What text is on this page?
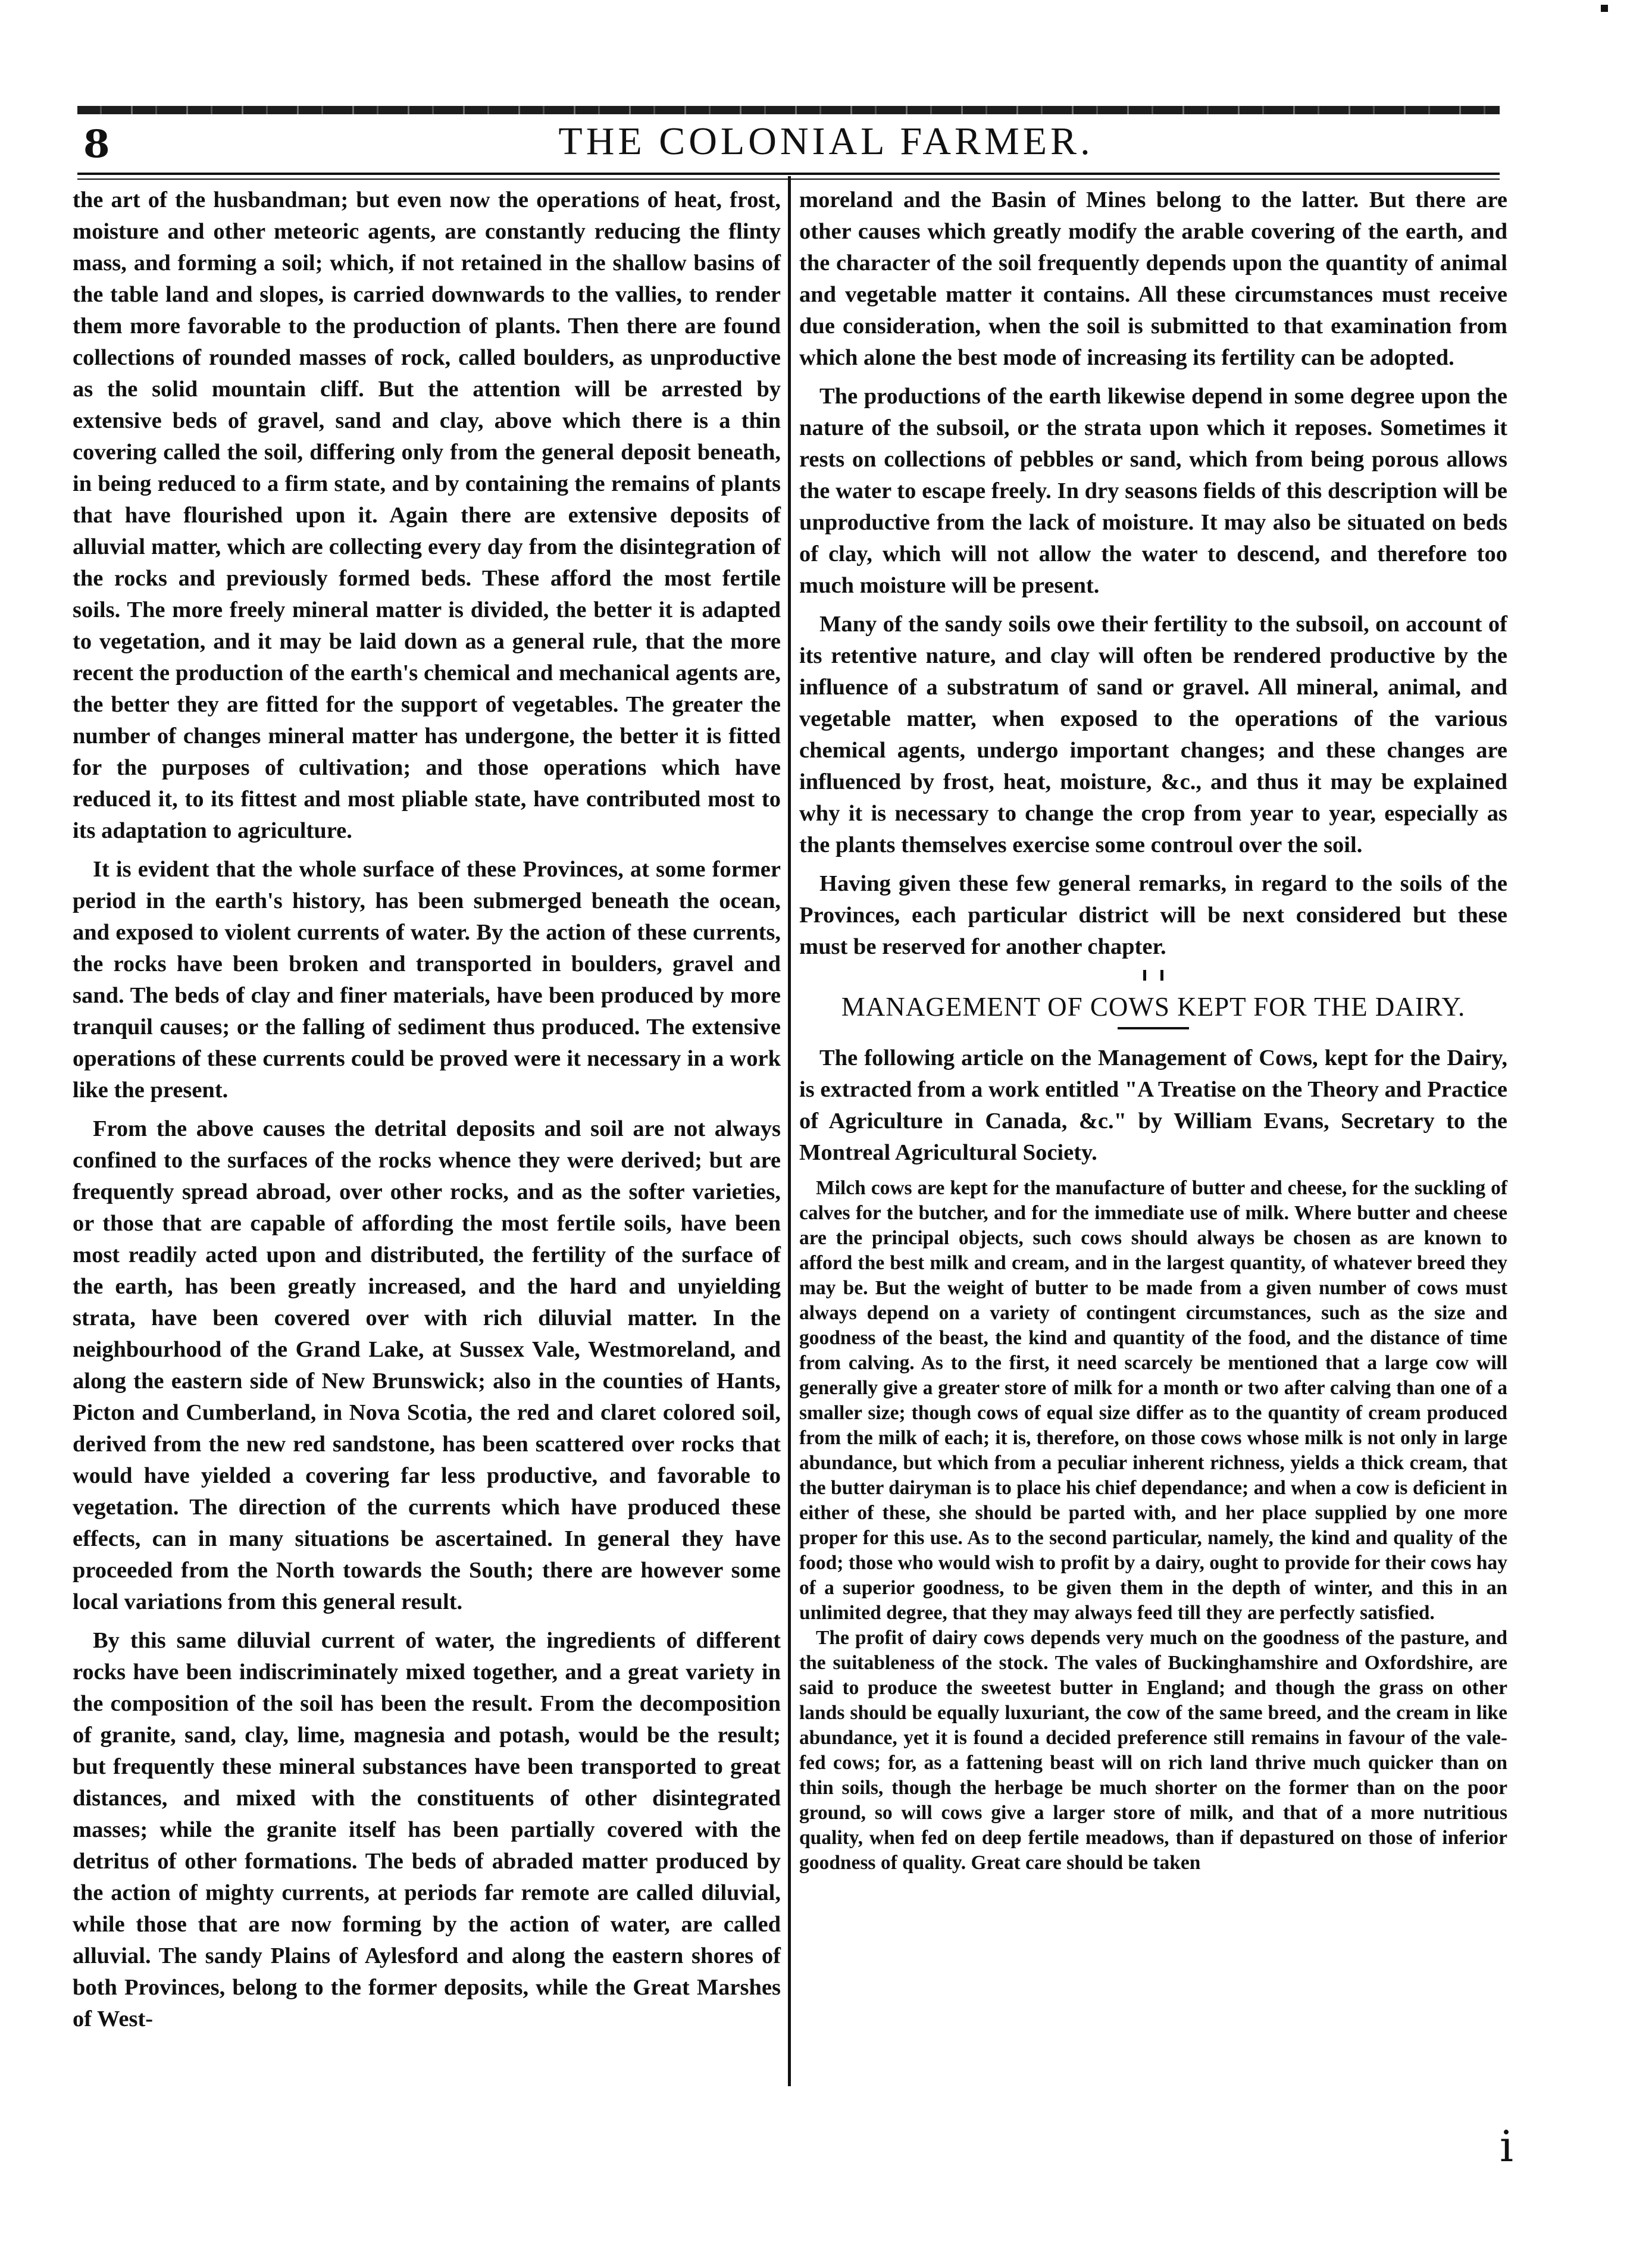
8	THE COLONIAL FARMER.

the art of the husbandman; but even now the operations of heat, frost, moisture and other meteoric agents, are constantly reducing the flinty mass, and forming a soil; which, if not retained in the shallow basins of the table land and slopes, is carried downwards to the vallies, to render them more favorable to the production of plants. Then there are found collections of rounded masses of rock, called boulders, as unproductive as the solid mountain cliff. But the attention will be arrested by extensive beds of gravel, sand and clay, above which there is a thin covering called the soil, differing only from the general deposit beneath, in being reduced to a firm state, and by containing the remains of plants that have flourished upon it. Again there are extensive deposits of alluvial matter, which are collecting every day from the disintegration of the rocks and previously formed beds. These afford the most fertile soils. The more freely mineral matter is divided, the better it is adapted to vegetation, and it may be laid down as a general rule, that the more recent the production of the earth's chemical and mechanical agents are, the better they are fitted for the support of vegetables. The greater the number of changes mineral matter has undergone, the better it is fitted for the purposes of cultivation; and those operations which have reduced it, to its fittest and most pliable state, have contributed most to its adaptation to agriculture.

It is evident that the whole surface of these Provinces, at some former period in the earth's history, has been submerged beneath the ocean, and exposed to violent currents of water. By the action of these currents, the rocks have been broken and transported in boulders, gravel and sand. The beds of clay and finer materials, have been produced by more tranquil causes; or the falling of sediment thus produced. The extensive operations of these currents could be proved were it necessary in a work like the present.

From the above causes the detrital deposits and soil are not always confined to the surfaces of the rocks whence they were derived; but are frequently spread abroad, over other rocks, and as the softer varieties, or those that are capable of affording the most fertile soils, have been most readily acted upon and distributed, the fertility of the surface of the earth, has been greatly increased, and the hard and unyielding strata, have been covered over with rich diluvial matter. In the neighbourhood of the Grand Lake, at Sussex Vale, Westmoreland, and along the eastern side of New Brunswick; also in the counties of Hants, Picton and Cumberland, in Nova Scotia, the red and claret colored soil, derived from the new red sandstone, has been scattered over rocks that would have yielded a covering far less productive, and favorable to vegetation. The direction of the currents which have produced these effects, can in many situations be ascertained. In general they have proceeded from the North towards the South; there are however some local variations from this general result.

By this same diluvial current of water, the ingredients of different rocks have been indiscriminately mixed together, and a great variety in the composition of the soil has been the result. From the decomposition of granite, sand, clay, lime, magnesia and potash, would be the result; but frequently these mineral substances have been transported to great distances, and mixed with the constituents of other disintegrated masses; while the granite itself has been partially covered with the detritus of other formations. The beds of abraded matter produced by the action of mighty currents, at periods far remote are called diluvial, while those that are now forming by the action of water, are called alluvial. The sandy Plains of Aylesford and along the eastern shores of both Provinces, belong to the former deposits, while the Great Marshes of West-

moreland and the Basin of Mines belong to the latter. But there are other causes which greatly modify the arable covering of the earth, and the character of the soil frequently depends upon the quantity of animal and vegetable matter it contains. All these circumstances must receive due consideration, when the soil is submitted to that examination from which alone the best mode of increasing its fertility can be adopted.

The productions of the earth likewise depend in some degree upon the nature of the subsoil, or the strata upon which it reposes. Sometimes it rests on collections of pebbles or sand, which from being porous allows the water to escape freely. In dry seasons fields of this description will be unproductive from the lack of moisture. It may also be situated on beds of clay, which will not allow the water to descend, and therefore too much moisture will be present.

Many of the sandy soils owe their fertility to the subsoil, on account of its retentive nature, and clay will often be rendered productive by the influence of a substratum of sand or gravel. All mineral, animal, and vegetable matter, when exposed to the operations of the various chemical agents, undergo important changes; and these changes are influenced by frost, heat, moisture, &c., and thus it may be explained why it is necessary to change the crop from year to year, especially as the plants themselves exercise some controul over the soil.

Having given these few general remarks, in regard to the soils of the Provinces, each particular district will be next considered but these must be reserved for another chapter.

MANAGEMENT OF COWS KEPT FOR THE DAIRY.

The following article on the Management of Cows, kept for the Dairy, is extracted from a work entitled "A Treatise on the Theory and Practice of Agriculture in Canada, &c." by William Evans, Secretary to the Montreal Agricultural Society.

Milch cows are kept for the manufacture of butter and cheese, for the suckling of calves for the butcher, and for the immediate use of milk. Where butter and cheese are the principal objects, such cows should always be chosen as are known to afford the best milk and cream, and in the largest quantity, of whatever breed they may be. But the weight of butter to be made from a given number of cows must always depend on a variety of contingent circumstances, such as the size and goodness of the beast, the kind and quantity of the food, and the distance of time from calving. As to the first, it need scarcely be mentioned that a large cow will generally give a greater store of milk for a month or two after calving than one of a smaller size; though cows of equal size differ as to the quantity of cream produced from the milk of each; it is, therefore, on those cows whose milk is not only in large abundance, but which from a peculiar inherent richness, yields a thick cream, that the butter dairyman is to place his chief dependance; and when a cow is deficient in either of these, she should be parted with, and her place supplied by one more proper for this use. As to the second particular, namely, the kind and quality of the food; those who would wish to profit by a dairy, ought to provide for their cows hay of a superior goodness, to be given them in the depth of winter, and this in an unlimited degree, that they may always feed till they are perfectly satisfied.

The profit of dairy cows depends very much on the goodness of the pasture, and the suitableness of the stock. The vales of Buckinghamshire and Oxfordshire, are said to produce the sweetest butter in England; and though the grass on other lands should be equally luxuriant, the cow of the same breed, and the cream in like abundance, yet it is found a decided preference still remains in favour of the vale-fed cows; for, as a fattening beast will on rich land thrive much quicker than on thin soils, though the herbage be much shorter on the former than on the poor ground, so will cows give a larger store of milk, and that of a more nutritious quality, when fed on deep fertile meadows, than if depastured on those of inferior goodness of quality. Great care should be taken

i
